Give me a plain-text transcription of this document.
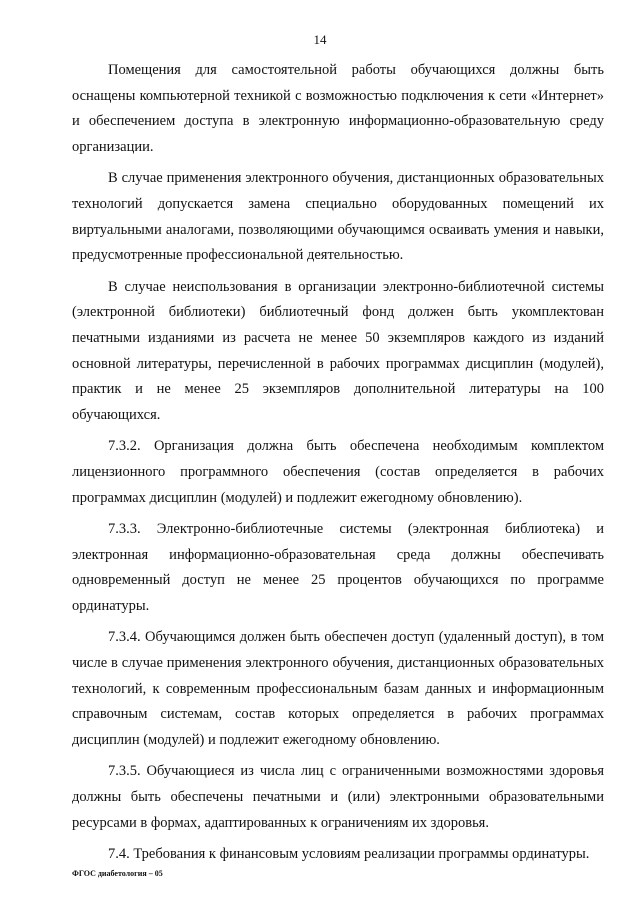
14

Помещения для самостоятельной работы обучающихся должны быть оснащены компьютерной техникой с возможностью подключения к сети «Интернет» и обеспечением доступа в электронную информационно-образовательную среду организации.

В случае применения электронного обучения, дистанционных образовательных технологий допускается замена специально оборудованных помещений их виртуальными аналогами, позволяющими обучающимся осваивать умения и навыки, предусмотренные профессиональной деятельностью.

В случае неиспользования в организации электронно-библиотечной системы (электронной библиотеки) библиотечный фонд должен быть укомплектован печатными изданиями из расчета не менее 50 экземпляров каждого из изданий основной литературы, перечисленной в рабочих программах дисциплин (модулей), практик и не менее 25 экземпляров дополнительной литературы на 100 обучающихся.

7.3.2. Организация должна быть обеспечена необходимым комплектом лицензионного программного обеспечения (состав определяется в рабочих программах дисциплин (модулей) и подлежит ежегодному обновлению).

7.3.3. Электронно-библиотечные системы (электронная библиотека) и электронная информационно-образовательная среда должны обеспечивать одновременный доступ не менее 25 процентов обучающихся по программе ординатуры.

7.3.4. Обучающимся должен быть обеспечен доступ (удаленный доступ), в том числе в случае применения электронного обучения, дистанционных образовательных технологий, к современным профессиональным базам данных и информационным справочным системам, состав которых определяется в рабочих программах дисциплин (модулей) и подлежит ежегодному обновлению.

7.3.5. Обучающиеся из числа лиц с ограниченными возможностями здоровья должны быть обеспечены печатными и (или) электронными образовательными ресурсами в формах, адаптированных к ограничениям их здоровья.

7.4. Требования к финансовым условиям реализации программы ординатуры.

ФГОС диабетология – 05
